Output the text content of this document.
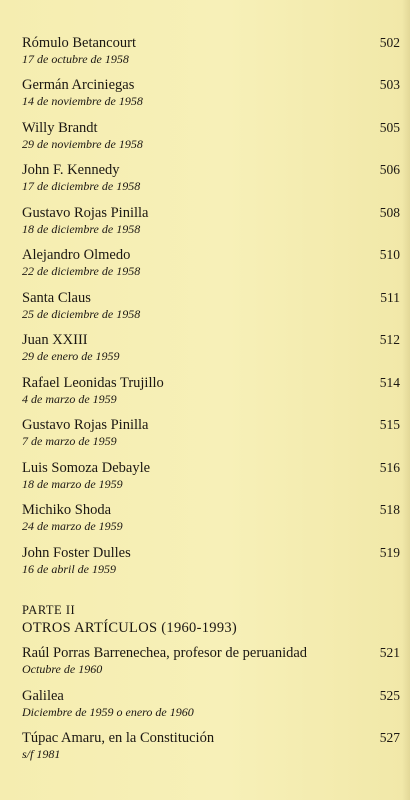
Rómulo Betancourt
17 de octubre de 1958
502
Germán Arciniegas
14 de noviembre de 1958
503
Willy Brandt
29 de noviembre de 1958
505
John F. Kennedy
17 de diciembre de 1958
506
Gustavo Rojas Pinilla
18 de diciembre de 1958
508
Alejandro Olmedo
22 de diciembre de 1958
510
Santa Claus
25 de diciembre de 1958
511
Juan XXIII
29 de enero de 1959
512
Rafael Leonidas Trujillo
4 de marzo de 1959
514
Gustavo Rojas Pinilla
7 de marzo de 1959
515
Luis Somoza Debayle
18 de marzo de 1959
516
Michiko Shoda
24 de marzo de 1959
518
John Foster Dulles
16 de abril de 1959
519
PARTE II
OTROS ARTÍCULOS (1960-1993)
Raúl Porras Barrenechea, profesor de peruanidad
Octubre de 1960
521
Galilea
Diciembre de 1959 o enero de 1960
525
Túpac Amaru, en la Constitución
s/f 1981
527
